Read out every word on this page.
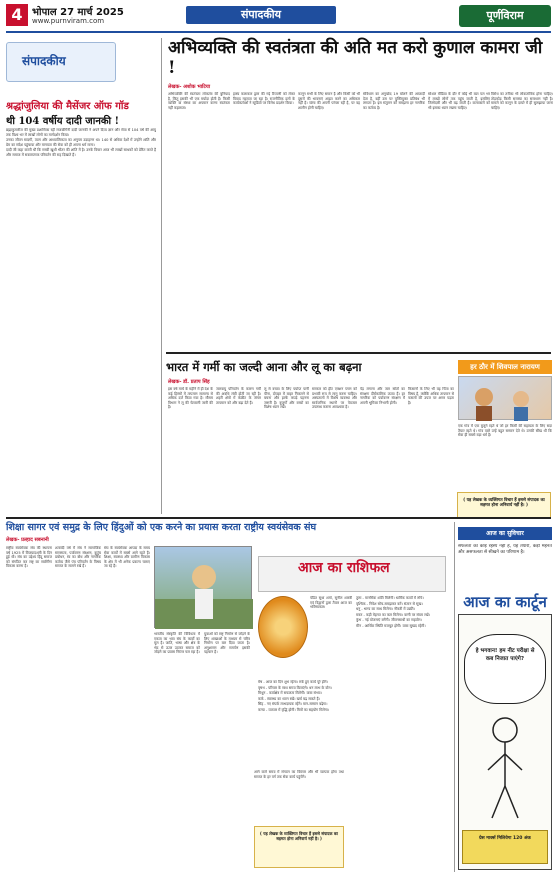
4 भोपाल 27 मार्च 2025
www.purnviram.com	संपादकीय	पूर्णविराम
संपादकीय
श्रद्धांजुलिया की मैसेंजर ऑफ गॉड
थी 104 वर्षीय दादी जानकी !

ब्रह्माकुमारीज की मुख्य प्रशासिका रही राजयोगिनी दादी जानकी ने अपने दिव्य ज्ञान और सेवा से 104 वर्ष की आयु तक विश्व भर में लाखों लोगों का मार्गदर्शन किया।

उनका जीवन सादगी, त्याग और आध्यात्मिकता का अनुपम उदाहरण था। 140 से अधिक देशों में उन्होंने शांति और प्रेम का संदेश पहुंचाया और मानवता की सेवा को ही अपना धर्म माना।

दादी जी कहा करती थीं कि सच्ची खुशी भीतर की शांति में है। उनके विचार आज भी लाखों साधकों को प्रेरित करते हैं और समाज में सकारात्मक परिवर्तन की राह दिखाते हैं।

अभिव्यक्ति की स्वतंत्रता की अति मत करो कुणाल कामरा जी !
लेखक- अशोक भाटिया
अभिव्यक्ति की स्वतंत्रता लोकतंत्र की बुनियाद है, किंतु इसकी भी एक मर्यादा होती है। किसी व्यक्ति या संस्था का अपमान करना स्वतंत्रता नहीं कहलाता।
हास्य कलाकार द्वारा की गई टिप्पणी को लेकर विवाद गहराता जा रहा है। राजनीतिक दलों के कार्यकर्ताओं ने स्टूडियो पर विरोध प्रदर्शन किया।
कानून सभी के लिए समान है और किसी को भी दूसरों की भावनाएं आहत करने का अधिकार नहीं है। व्यंग्य की अपनी परंपरा रही है, पर वह शालीन होनी चाहिए।
संविधान का अनुच्छेद 19 बोलने की आजादी देता है, वहीं उस पर युक्तियुक्त प्रतिबंध भी लगाता है। इस संतुलन को समझना हर नागरिक का कर्तव्य है।
सोशल मीडिया के दौर में कोई भी बात पल भर में लाखों लोगों तक पहुंच जाती है, इसलिए जिम्मेदारी और भी बढ़ जाती है। कलाकारों को भी इसका ध्यान रखना चाहिए।
विरोध का तरीका भी लोकतांत्रिक होना चाहिए। तोड़फोड़ किसी समस्या का समाधान नहीं है। मामले को कानून के दायरे में ही सुलझाया जाना चाहिए।
भारत में गर्मी का जल्दी आना और लू का बढ़ना
लेखक- डॉ. प्रताप सिंह
इस वर्ष मार्च के महीने में ही देश के कई हिस्सों में तापमान सामान्य से अधिक दर्ज किया गया है। मौसम विभाग ने लू की चेतावनी जारी की है।
जलवायु परिवर्तन के कारण गर्मी की अवधि लंबी होती जा रही है। शहरी क्षेत्रों में कंक्रीट के जंगल तापमान को और बढ़ा देते हैं।
लू से बचाव के लिए पर्याप्त पानी पीना, दोपहर में बाहर निकलने से बचना और हल्के कपड़े पहनना जरूरी है। बुजुर्गों और बच्चों का विशेष ध्यान रखें।
सरकार को हीट एक्शन प्लान को प्रभावी रूप से लागू करना चाहिए। अस्पतालों में विशेष व्यवस्था और सार्वजनिक स्थानों पर पेयजल उपलब्ध कराना आवश्यक है।
पेड़ लगाना और जल स्रोतों का संरक्षण दीर्घकालिक उपाय हैं। हर नागरिक को पर्यावरण संरक्षण में अपनी भूमिका निभानी होगी।
किसानों के लिए भी यह चिंता का विषय है, क्योंकि अधिक तापमान से फसलों की उपज पर असर पड़ता है।
( यह लेखक के व्यक्तिगत विचार हैं इससे संपादक का सहमत होना अनिवार्य नहीं है। )
हर ठौर में शिवपाल नारायण
एक गांव में एक बुजुर्ग रहते थे जो हर किसी की सहायता के लिए सदा तैयार रहते थे। गांव वाले उन्हें बहुत सम्मान देते थे। उनकी सीख थी कि सेवा ही सबसे बड़ा धर्म है।
शिक्षा सागर एवं समुद्र के लिए हिंदुओं को एक करने का प्रयास करता राष्ट्रीय स्वयंसेवक संघ
लेखक- प्रल्हाद सबनानी
राष्ट्रीय स्वयंसेवक संघ की स्थापना वर्ष 1925 में विजयादशमी के दिन हुई थी। संघ का उद्देश्य हिंदू समाज को संगठित कर राष्ट्र का सर्वांगीण विकास करना है।
शताब्दी वर्ष में संघ ने सामाजिक समरसता, पर्यावरण संरक्षण, कुटुंब प्रबोधन, स्व का बोध और नागरिक कर्तव्य जैसे पंच परिवर्तन के विषय समाज के सामने रखे हैं।
संघ के स्वयंसेवक आपदा के समय सेवा कार्यों में सबसे आगे रहते हैं। शिक्षा, स्वास्थ्य और ग्रामीण विकास के क्षेत्र में भी अनेक प्रकल्प चलाए जा रहे हैं।
भारतीय संस्कृति की विविधता में एकता का भाव संघ के कार्यों का मूल है। जाति, भाषा और क्षेत्र के भेद से ऊपर उठकर समाज को जोड़ने का प्रयास निरंतर चल रहा है।
युवाओं को राष्ट्र निर्माण से जोड़ने के लिए शाखाओं के माध्यम से चरित्र निर्माण पर बल दिया जाता है। अनुशासन और समर्पण इसकी पहचान है।
आने वाले समय में संगठन का विस्तार और भी व्यापक होगा तथा समाज के हर वर्ग तक सेवा कार्य पहुंचेंगे।
( यह लेखक के व्यक्तिगत विचार हैं इससे संपादक का सहमत होना अनिवार्य नहीं है। )
आज का राशिफल
पंडित सुधा शर्मा, सुनील शास्त्री एवं विद्वानों द्वारा तैयार आज का भविष्यफल।

मेष - आज का दिन शुभ रहेगा। रुके हुए कार्य पूरे होंगे।

वृषभ - परिवार के साथ समय बिताएंगे। धन लाभ के योग।

मिथुन - कार्यक्षेत्र में सफलता मिलेगी। यात्रा संभव।

कर्क - स्वास्थ्य का ध्यान रखें। खर्च बढ़ सकते हैं।

सिंह - नए संपर्क लाभदायक रहेंगे। मान-सम्मान बढ़ेगा।

कन्या - व्यापार में वृद्धि होगी। मित्रों का सहयोग मिलेगा।

तुला - मानसिक शांति मिलेगी। धार्मिक कार्यों में रुचि।

वृश्चिक - निवेश सोच-समझकर करें। संतान से सुख।

धनु - भाग्य का साथ मिलेगा। नौकरी में उन्नति।

मकर - कड़ी मेहनत का फल मिलेगा। वाणी पर संयम रखें।

कुंभ - नई योजनाएं बनेंगी। जीवनसाथी का सहयोग।

मीन - आर्थिक स्थिति मजबूत होगी। यात्रा सुखद रहेगी।

आज का सुविचार
सफलता का कोई रहस्य नहीं है, यह तैयारी, कड़ी मेहनत और असफलता से सीखने का परिणाम है।
आज का कार्टून
हे भगवान! हम नीट परीक्षा से कब निजात पाएंगे?
ग्रेस मार्क्स मिलिवेगा 120 अंक
